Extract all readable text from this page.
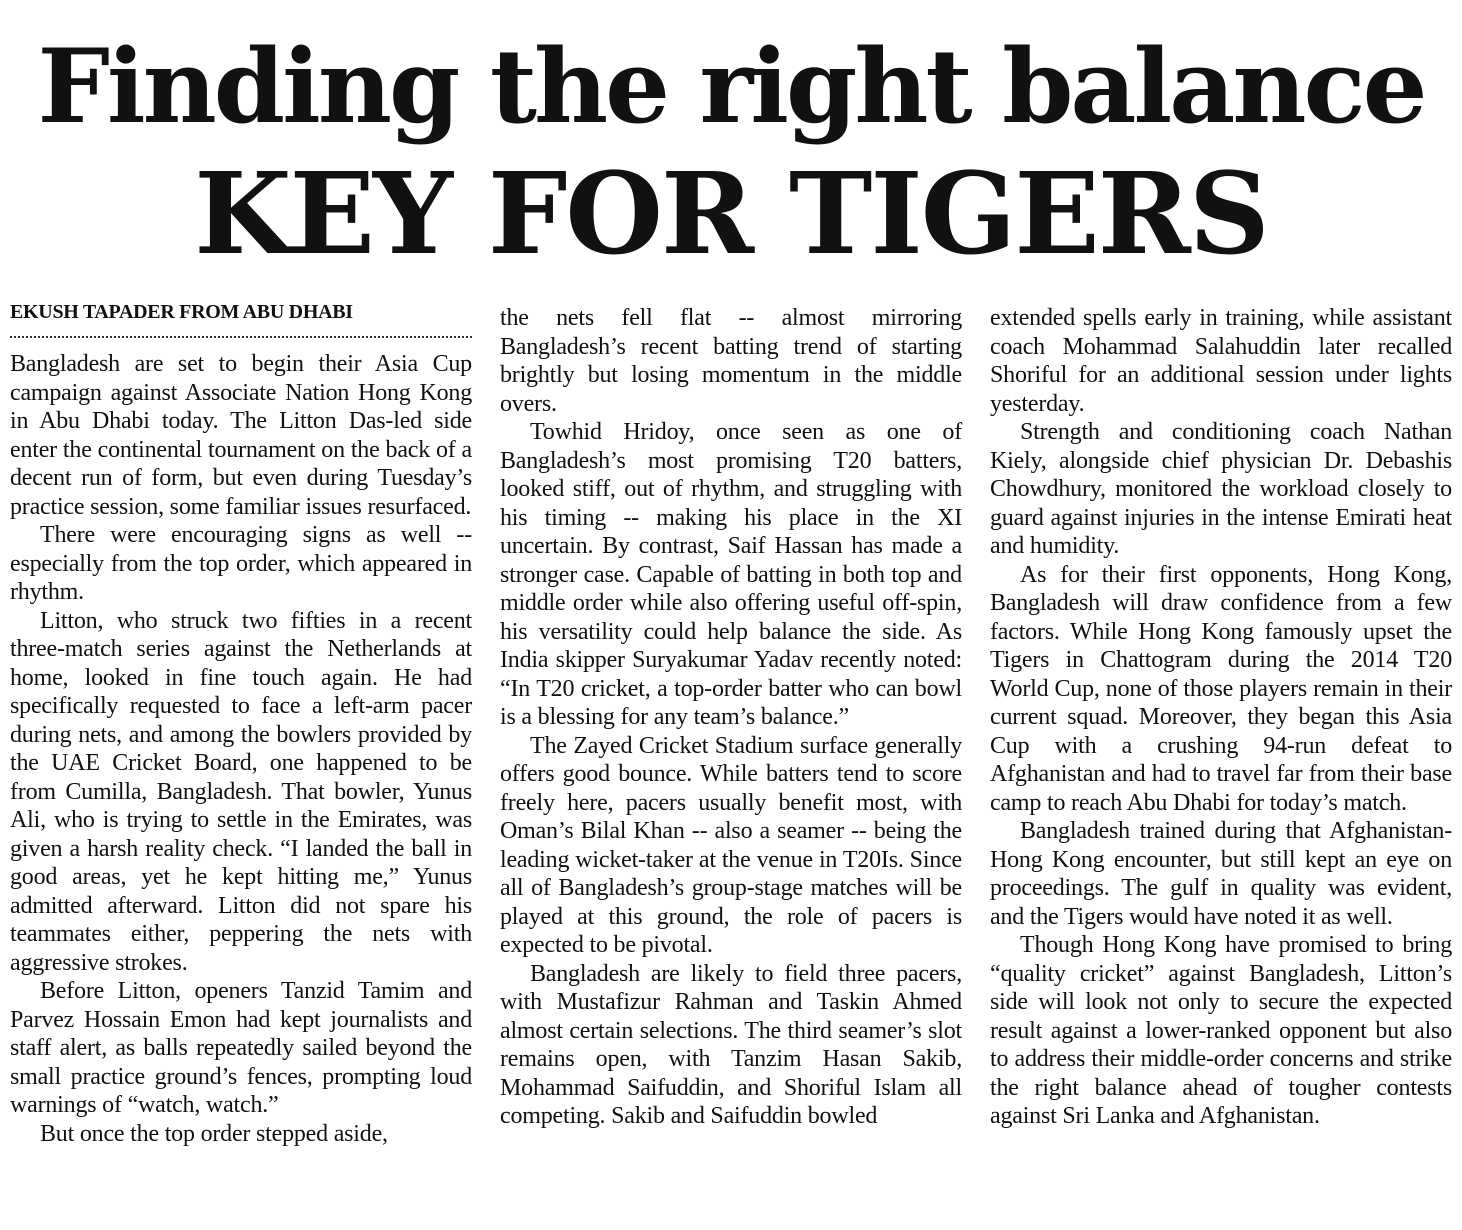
Finding the right balance
KEY FOR TIGERS
EKUSH TAPADER FROM ABU DHABI

Bangladesh are set to begin their Asia Cup campaign against Associate Nation Hong Kong in Abu Dhabi today. The Litton Das-led side enter the continental tournament on the back of a decent run of form, but even during Tuesday’s practice session, some familiar issues resurfaced.

There were encouraging signs as well -- especially from the top order, which appeared in rhythm.

Litton, who struck two fifties in a recent three-match series against the Netherlands at home, looked in fine touch again. He had specifically requested to face a left-arm pacer during nets, and among the bowlers provided by the UAE Cricket Board, one happened to be from Cumilla, Bangladesh. That bowler, Yunus Ali, who is trying to settle in the Emirates, was given a harsh reality check. “I landed the ball in good areas, yet he kept hitting me,” Yunus admitted afterward. Litton did not spare his teammates either, peppering the nets with aggressive strokes.

Before Litton, openers Tanzid Tamim and Parvez Hossain Emon had kept journalists and staff alert, as balls repeatedly sailed beyond the small practice ground’s fences, prompting loud warnings of “watch, watch.”

But once the top order stepped aside,

the nets fell flat -- almost mirroring Bangladesh’s recent batting trend of starting brightly but losing momentum in the middle overs.

Towhid Hridoy, once seen as one of Bangladesh’s most promising T20 batters, looked stiff, out of rhythm, and struggling with his timing -- making his place in the XI uncertain. By contrast, Saif Hassan has made a stronger case. Capable of batting in both top and middle order while also offering useful off-spin, his versatility could help balance the side. As India skipper Suryakumar Yadav recently noted: “In T20 cricket, a top-order batter who can bowl is a blessing for any team’s balance.”

The Zayed Cricket Stadium surface generally offers good bounce. While batters tend to score freely here, pacers usually benefit most, with Oman’s Bilal Khan -- also a seamer -- being the leading wicket-taker at the venue in T20Is. Since all of Bangladesh’s group-stage matches will be played at this ground, the role of pacers is expected to be pivotal.

Bangladesh are likely to field three pacers, with Mustafizur Rahman and Taskin Ahmed almost certain selections. The third seamer’s slot remains open, with Tanzim Hasan Sakib, Mohammad Saifuddin, and Shoriful Islam all competing. Sakib and Saifuddin bowled

extended spells early in training, while assistant coach Mohammad Salahuddin later recalled Shoriful for an additional session under lights yesterday.

Strength and conditioning coach Nathan Kiely, alongside chief physician Dr. Debashis Chowdhury, monitored the workload closely to guard against injuries in the intense Emirati heat and humidity.

As for their first opponents, Hong Kong, Bangladesh will draw confidence from a few factors. While Hong Kong famously upset the Tigers in Chattogram during the 2014 T20 World Cup, none of those players remain in their current squad. Moreover, they began this Asia Cup with a crushing 94-run defeat to Afghanistan and had to travel far from their base camp to reach Abu Dhabi for today’s match.

Bangladesh trained during that Afghanistan-Hong Kong encounter, but still kept an eye on proceedings. The gulf in quality was evident, and the Tigers would have noted it as well.

Though Hong Kong have promised to bring “quality cricket” against Bangladesh, Litton’s side will look not only to secure the expected result against a lower-ranked opponent but also to address their middle-order concerns and strike the right balance ahead of tougher contests against Sri Lanka and Afghanistan.
